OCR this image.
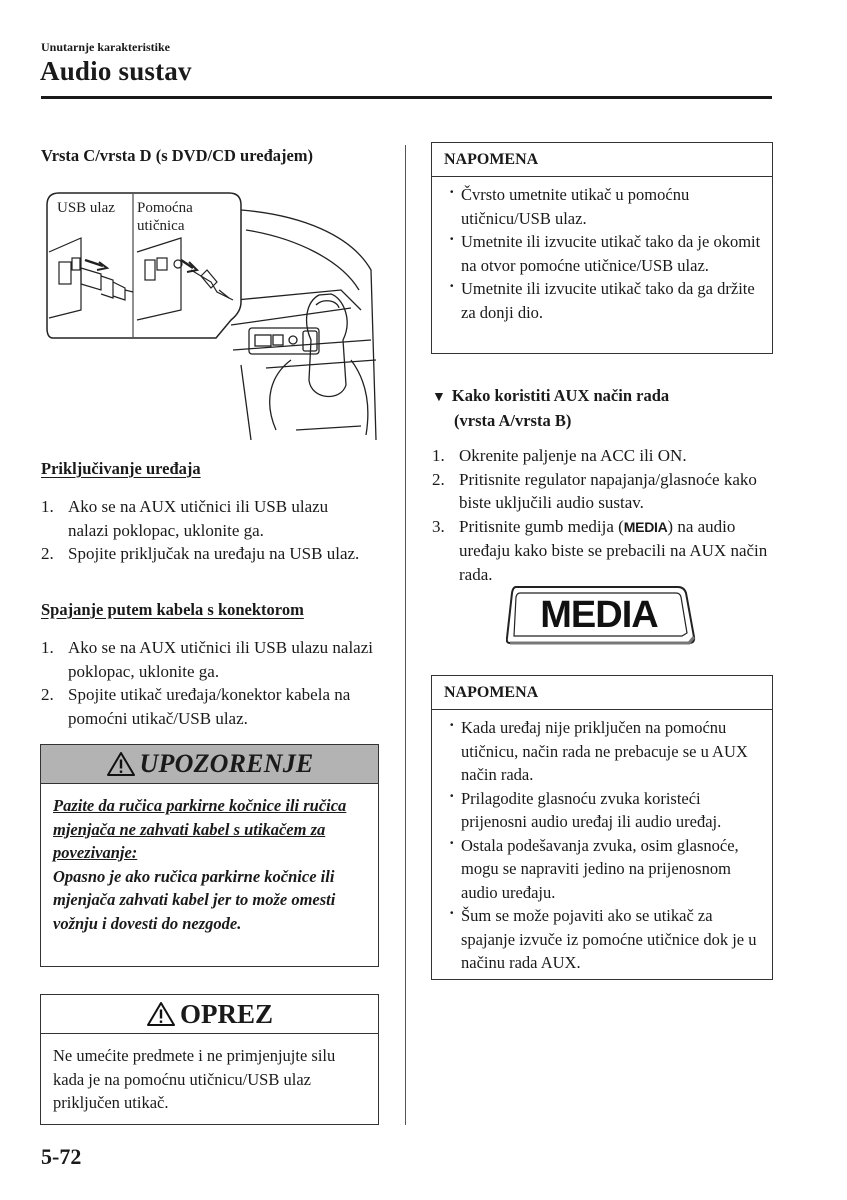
Unutarnje karakteristike
Audio sustav
Vrsta C/vrsta D (s DVD/CD uređajem)
USB ulaz Pomoćna
utičnica
Priključivanje uređaja
1. Ako se na AUX utičnici ili USB ulazu nalazi poklopac, uklonite ga.
2. Spojite priključak na uređaju na USB ulaz.
Spajanje putem kabela s konektorom
1. Ako se na AUX utičnici ili USB ulazu nalazi poklopac, uklonite ga.
2. Spojite utikač uređaja/konektor kabela na pomoćni utikač/USB ulaz.
UPOZORENJE
Pazite da ručica parkirne kočnice ili ručica mjenjača ne zahvati kabel s utikačem za povezivanje:
Opasno je ako ručica parkirne kočnice ili mjenjača zahvati kabel jer to može omesti vožnju i dovesti do nezgode.
OPREZ
Ne umećite predmete i ne primjenjujte silu kada je na pomoćnu utičnicu/USB ulaz priključen utikač.
NAPOMENA
· Čvrsto umetnite utikač u pomoćnu utičnicu/USB ulaz.
· Umetnite ili izvucite utikač tako da je okomit na otvor pomoćne utičnice/USB ulaz.
· Umetnite ili izvucite utikač tako da ga držite za donji dio.
▼ Kako koristiti AUX način rada
(vrsta A/vrsta B)
1. Okrenite paljenje na ACC ili ON.
2. Pritisnite regulator napajanja/glasnoće kako biste uključili audio sustav.
3. Pritisnite gumb medija (MEDIA) na audio uređaju kako biste se prebacili na AUX način rada.
MEDIA
NAPOMENA
· Kada uređaj nije priključen na pomoćnu utičnicu, način rada ne prebacuje se u AUX način rada.
· Prilagodite glasnoću zvuka koristeći prijenosni audio uređaj ili audio uređaj.
· Ostala podešavanja zvuka, osim glasnoće, mogu se napraviti jedino na prijenosnom audio uređaju.
· Šum se može pojaviti ako se utikač za spajanje izvuče iz pomoćne utičnice dok je u načinu rada AUX.
5-72
